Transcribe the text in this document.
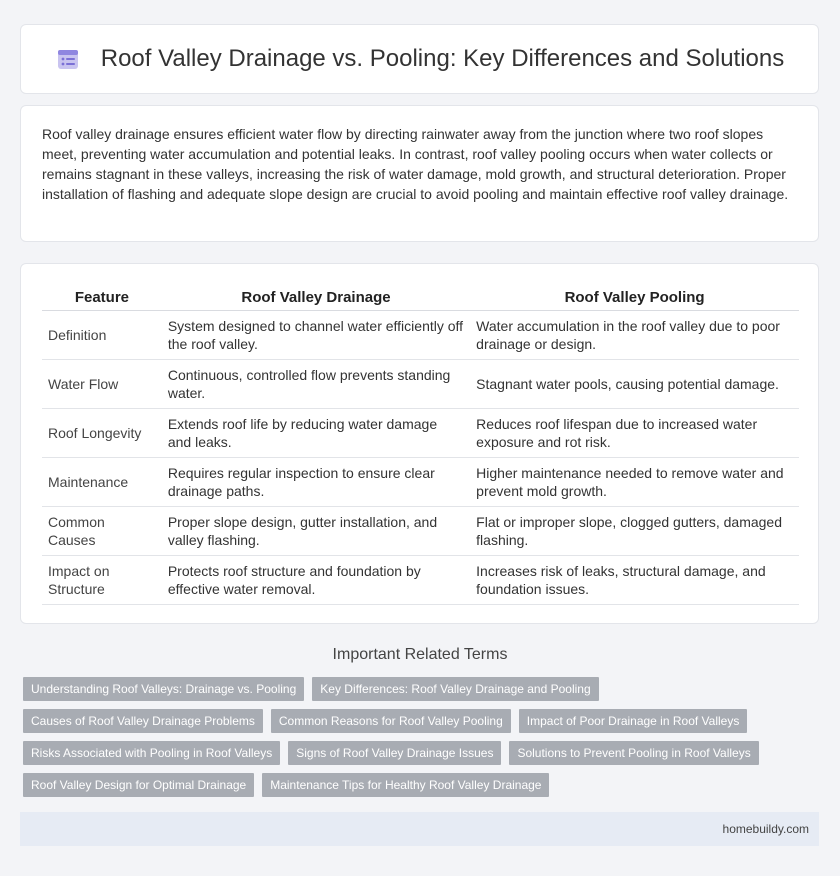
Roof Valley Drainage vs. Pooling: Key Differences and Solutions

Roof valley drainage ensures efficient water flow by directing rainwater away from the junction where two roof slopes meet, preventing water accumulation and potential leaks. In contrast, roof valley pooling occurs when water collects or remains stagnant in these valleys, increasing the risk of water damage, mold growth, and structural deterioration. Proper installation of flashing and adequate slope design are crucial to avoid pooling and maintain effective roof valley drainage.

Feature	Roof Valley Drainage	Roof Valley Pooling
Definition	System designed to channel water efficiently off the roof valley.	Water accumulation in the roof valley due to poor drainage or design.
Water Flow	Continuous, controlled flow prevents standing water.	Stagnant water pools, causing potential damage.
Roof Longevity	Extends roof life by reducing water damage and leaks.	Reduces roof lifespan due to increased water exposure and rot risk.
Maintenance	Requires regular inspection to ensure clear drainage paths.	Higher maintenance needed to remove water and prevent mold growth.
Common Causes	Proper slope design, gutter installation, and valley flashing.	Flat or improper slope, clogged gutters, damaged flashing.
Impact on Structure	Protects roof structure and foundation by effective water removal.	Increases risk of leaks, structural damage, and foundation issues.
Important Related Terms
Understanding Roof Valleys: Drainage vs. Pooling	Key Differences: Roof Valley Drainage and Pooling
Causes of Roof Valley Drainage Problems	Common Reasons for Roof Valley Pooling	Impact of Poor Drainage in Roof Valleys
Risks Associated with Pooling in Roof Valleys	Signs of Roof Valley Drainage Issues	Solutions to Prevent Pooling in Roof Valleys
Roof Valley Design for Optimal Drainage	Maintenance Tips for Healthy Roof Valley Drainage
homebuildy.com
